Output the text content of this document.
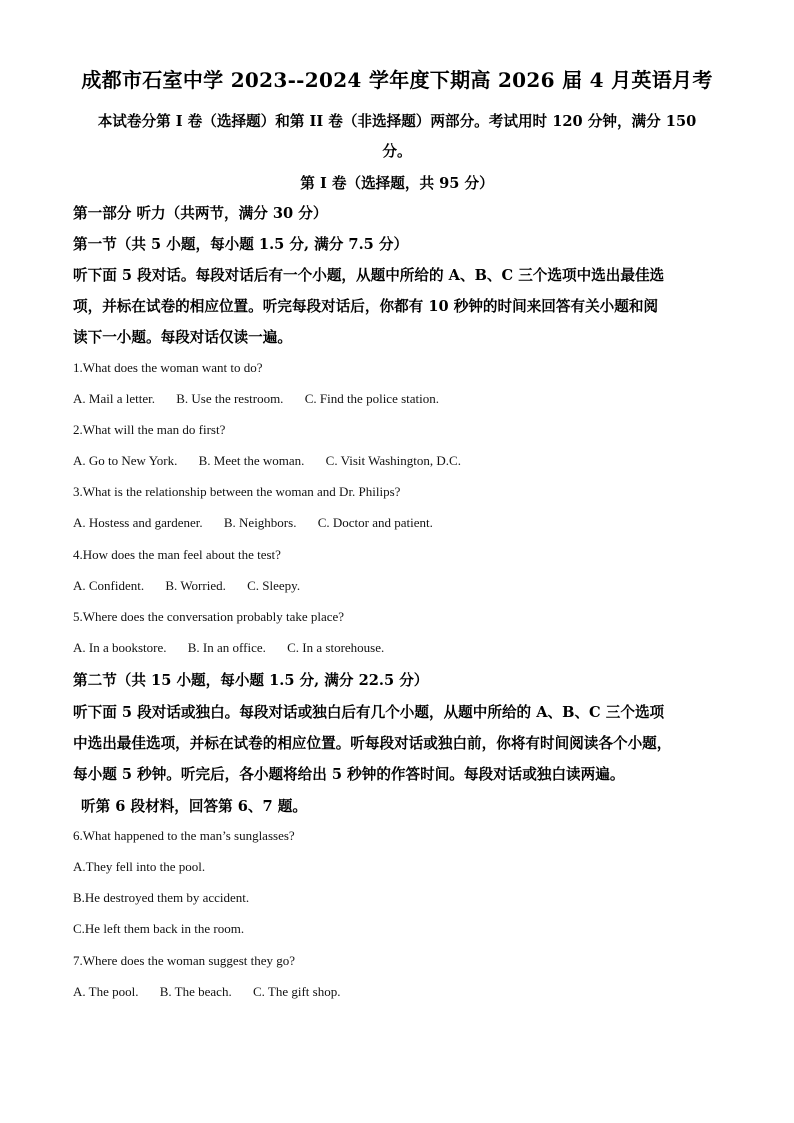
成都市石室中学 2023--2024 学年度下期高 2026 届 4 月英语月考
本试卷分第 I 卷（选择题）和第 II 卷（非选择题）两部分。考试用时 120 分钟，满分 150
分。
第 I 卷（选择题，共 95 分）
第一部分 听力（共两节，满分 30 分）
第一节（共 5 小题，每小题 1.5 分, 满分 7.5 分）
听下面 5 段对话。每段对话后有一个小题，从题中所给的 A、B、C 三个选项中选出最佳选
项，并标在试卷的相应位置。听完每段对话后，你都有 10 秒钟的时间来回答有关小题和阅
读下一小题。每段对话仅读一遍。
1.What does the woman want to do?
A. Mail a letter. B. Use the restroom. C. Find the police station.
2.What will the man do first?
A. Go to New York. B. Meet the woman. C. Visit Washington, D.C.
3.What is the relationship between the woman and Dr. Philips?
A. Hostess and gardener. B. Neighbors. C. Doctor and patient.
4.How does the man feel about the test?
A. Confident. B. Worried. C. Sleepy.
5.Where does the conversation probably take place?
A. In a bookstore. B. In an office. C. In a storehouse.
第二节（共 15 小题，每小题 1.5 分, 满分 22.5 分）
听下面 5 段对话或独白。每段对话或独白后有几个小题，从题中所给的 A、B、C 三个选项
中选出最佳选项，并标在试卷的相应位置。听每段对话或独白前，你将有时间阅读各个小题，
每小题 5 秒钟。听完后，各小题将给出 5 秒钟的作答时间。每段对话或独白读两遍。
听第 6 段材料，回答第 6、7 题。
6.What happened to the man’s sunglasses?
A.They fell into the pool.
B.He destroyed them by accident.
C.He left them back in the room.
7.Where does the woman suggest they go?
A. The pool. B. The beach. C. The gift shop.
